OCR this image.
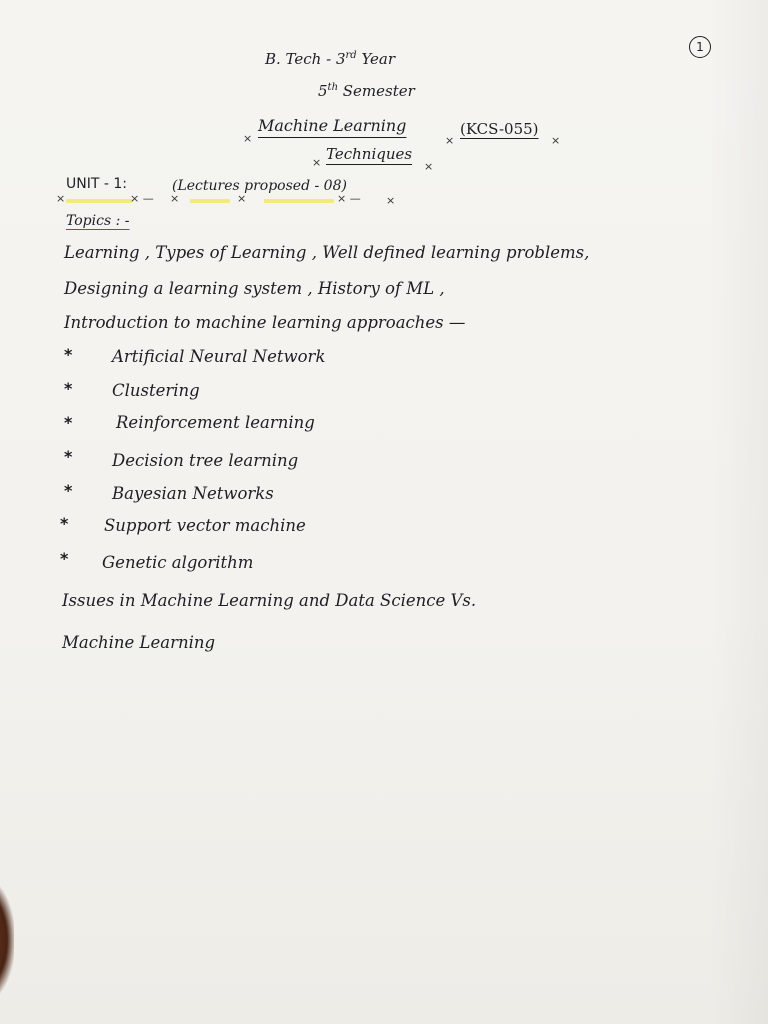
1
B. Tech - 3rd Year
5th Semester
Machine Learning	(KCS-055)
Techniques
×	×	×
×	×
UNIT - 1:	(Lectures proposed - 08)
×	× — ×	×	× — ×
Topics : -
Learning , Types of Learning , Well defined learning problems,
Designing a learning system , History of ML ,
Introduction to machine learning approaches —
* Artificial Neural Network
* Clustering
*	Reinforcement learning
* Decision tree learning
* Bayesian Networks
* Support vector machine
* Genetic algorithm
Issues in Machine Learning and Data Science Vs.
Machine Learning
